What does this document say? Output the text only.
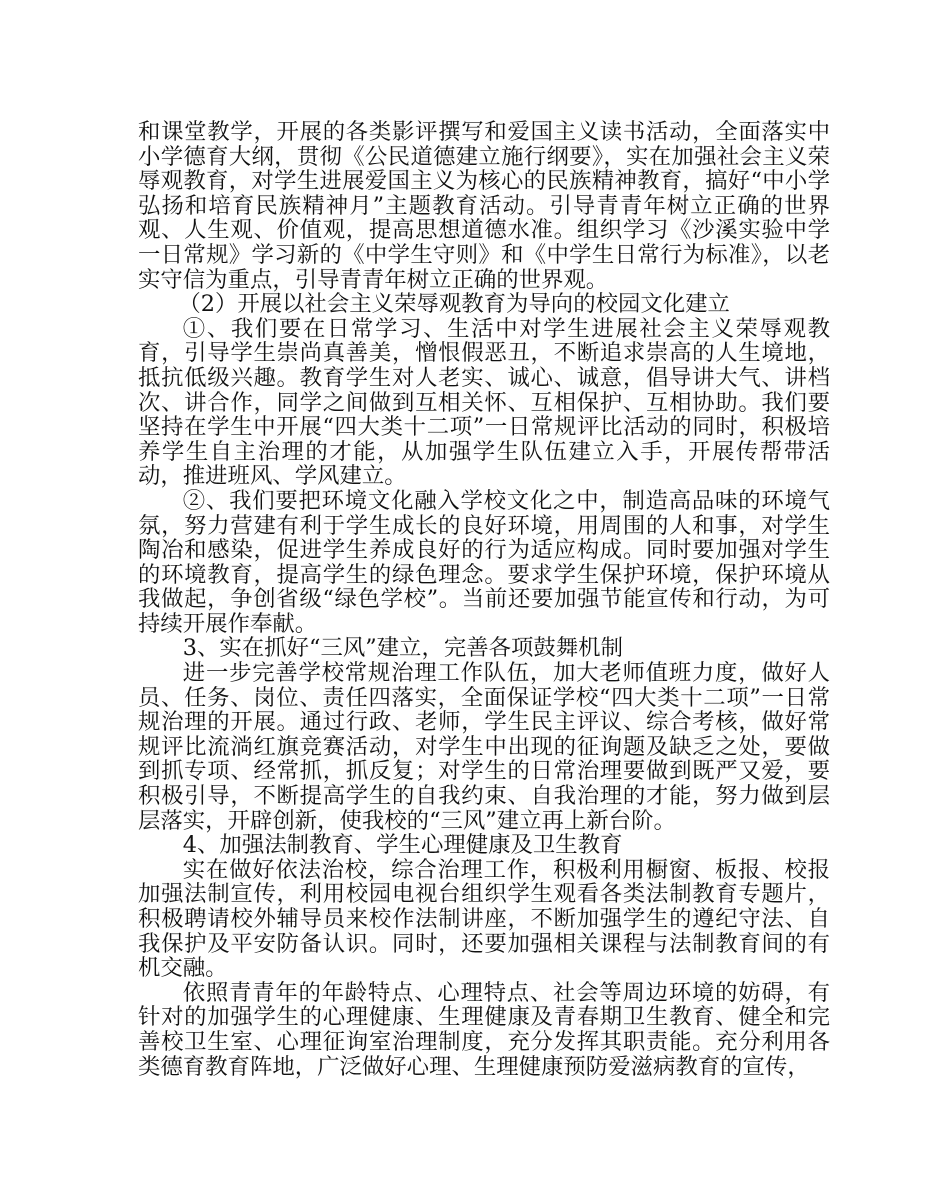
和课堂教学，开展的各类影评撰写和爱国主义读书活动，全面落实中小学德育大纲，贯彻《公民道德建立施行纲要》，实在加强社会主义荣辱观教育，对学生进展爱国主义为核心的民族精神教育，搞好“中小学弘扬和培育民族精神月”主题教育活动。引导青青年树立正确的世界观、人生观、价值观，提高思想道德水准。组织学习《沙溪实验中学一日常规》学习新的《中学生守则》和《中学生日常行为标准》，以老实守信为重点，引导青青年树立正确的世界观。

（2）开展以社会主义荣辱观教育为导向的校园文化建立

①、我们要在日常学习、生活中对学生进展社会主义荣辱观教育，引导学生崇尚真善美，憎恨假恶丑，不断追求崇高的人生境地，抵抗低级兴趣。教育学生对人老实、诚心、诚意，倡导讲大气、讲档次、讲合作，同学之间做到互相关怀、互相保护、互相协助。我们要坚持在学生中开展“四大类十二项”一日常规评比活动的同时，积极培养学生自主治理的才能，从加强学生队伍建立入手，开展传帮带活动，推进班风、学风建立。

②、我们要把环境文化融入学校文化之中，制造高品味的环境气氛，努力营建有利于学生成长的良好环境，用周围的人和事，对学生陶冶和感染，促进学生养成良好的行为适应构成。同时要加强对学生的环境教育，提高学生的绿色理念。要求学生保护环境，保护环境从我做起，争创省级“绿色学校”。当前还要加强节能宣传和行动，为可持续开展作奉献。

3、实在抓好“三风”建立，完善各项鼓舞机制

进一步完善学校常规治理工作队伍，加大老师值班力度，做好人员、任务、岗位、责任四落实，全面保证学校“四大类十二项”一日常规治理的开展。通过行政、老师，学生民主评议、综合考核，做好常规评比流淌红旗竞赛活动，对学生中出现的征询题及缺乏之处，要做到抓专项、经常抓，抓反复；对学生的日常治理要做到既严又爱，要积极引导，不断提高学生的自我约束、自我治理的才能，努力做到层层落实，开辟创新，使我校的“三风”建立再上新台阶。

4、加强法制教育、学生心理健康及卫生教育

实在做好依法治校，综合治理工作，积极利用橱窗、板报、校报加强法制宣传，利用校园电视台组织学生观看各类法制教育专题片，积极聘请校外辅导员来校作法制讲座，不断加强学生的遵纪守法、自我保护及平安防备认识。同时，还要加强相关课程与法制教育间的有机交融。

依照青青年的年龄特点、心理特点、社会等周边环境的妨碍，有针对的加强学生的心理健康、生理健康及青春期卫生教育、健全和完善校卫生室、心理征询室治理制度，充分发挥其职责能。充分利用各类德育教育阵地，广泛做好心理、生理健康预防爱滋病教育的宣传，
